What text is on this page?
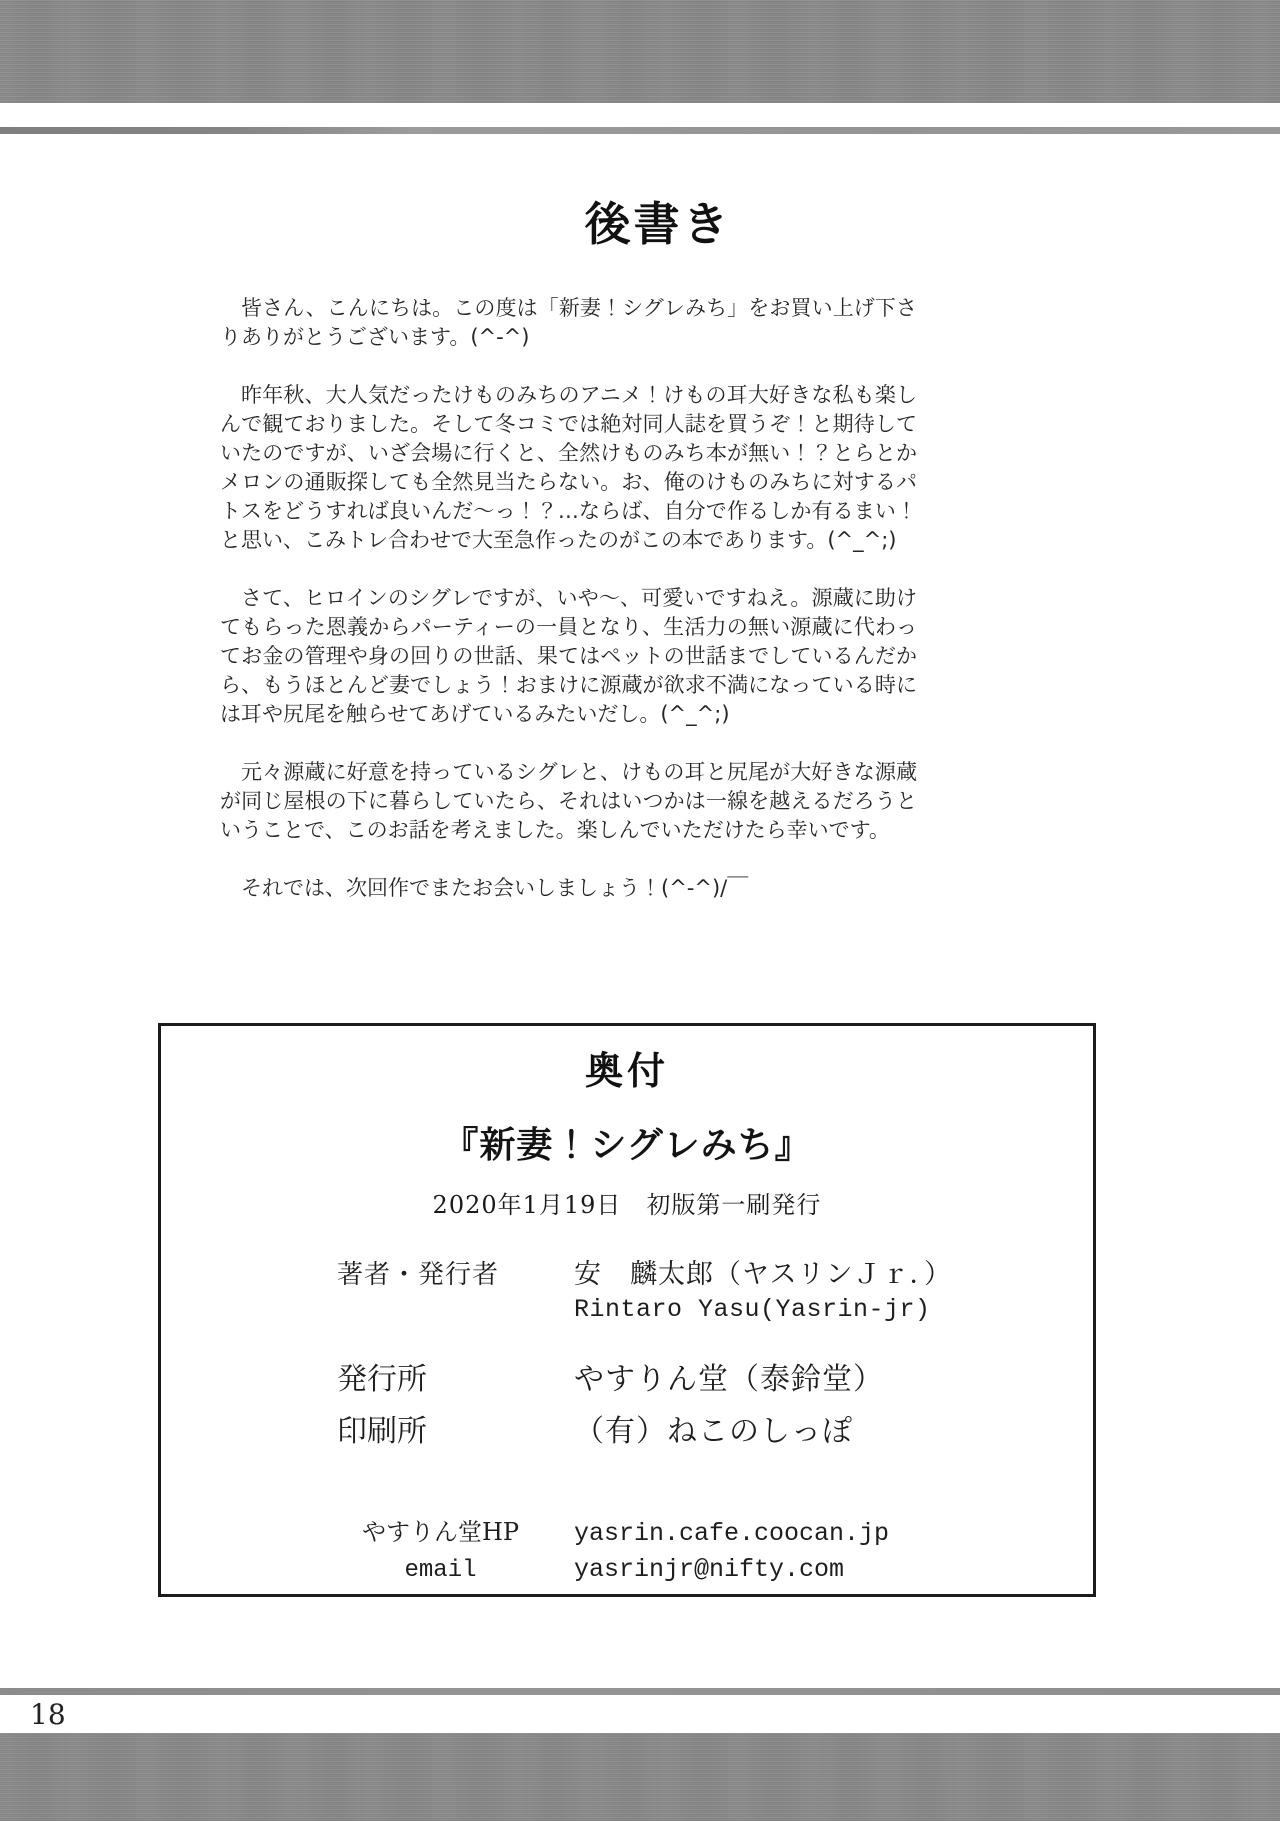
後書き

皆さん、こんにちは。この度は「新妻！シグレみち」をお買い上げ下さりありがとうございます。(^-^)

昨年秋、大人気だったけものみちのアニメ！けもの耳大好きな私も楽しんで観ておりました。そして冬コミでは絶対同人誌を買うぞ！と期待していたのですが、いざ会場に行くと、全然けものみち本が無い！？とらとかメロンの通販探しても全然見当たらない。お、俺のけものみちに対するパトスをどうすれば良いんだ～っ！？…ならば、自分で作るしか有るまい！と思い、こみトレ合わせで大至急作ったのがこの本であります。(^_^;)

さて、ヒロインのシグレですが、いや～、可愛いですねえ。源蔵に助けてもらった恩義からパーティーの一員となり、生活力の無い源蔵に代わってお金の管理や身の回りの世話、果てはペットの世話までしているんだから、もうほとんど妻でしょう！おまけに源蔵が欲求不満になっている時には耳や尻尾を触らせてあげているみたいだし。(^_^;)

元々源蔵に好意を持っているシグレと、けもの耳と尻尾が大好きな源蔵が同じ屋根の下に暮らしていたら、それはいつかは一線を越えるだろうということで、このお話を考えました。楽しんでいただけたら幸いです。

それでは、次回作でまたお会いしましょう！(^-^)/￣

奥付
『新妻！シグレみち』
2020年1月19日　初版第一刷発行
著者・発行者	安　麟太郎（ヤスリンＪｒ．）
Rintaro Yasu(Yasrin-jr)
発行所	やすりん堂（泰鈴堂）
印刷所	（有）ねこのしっぽ
やすりん堂HP	yasrin.cafe.coocan.jp
email	yasrinjr@nifty.com
18
